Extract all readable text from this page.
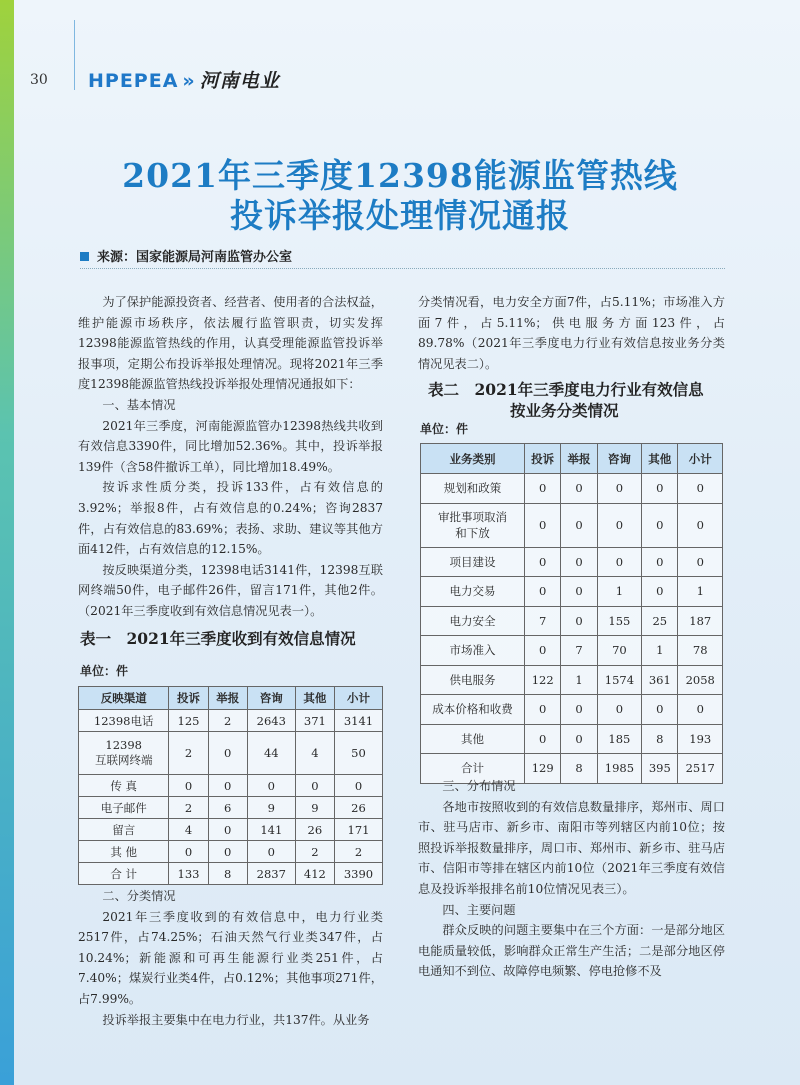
30 HPEPEA » 河南电业
2021年三季度12398能源监管热线
投诉举报处理情况通报
来源：国家能源局河南监管办公室

为了保护能源投资者、经营者、使用者的合法权益，维护能源市场秩序，依法履行监管职责，切实发挥12398能源监管热线的作用，认真受理能源监管投诉举报事项，定期公布投诉举报处理情况。现将2021年三季度12398能源监管热线投诉举报处理情况通报如下：

一、基本情况

2021年三季度，河南能源监管办12398热线共收到有效信息3390件，同比增加52.36%。其中，投诉举报139件（含58件撤诉工单），同比增加18.49%。

按诉求性质分类，投诉133件，占有效信息的3.92%；举报8件，占有效信息的0.24%；咨询2837件，占有效信息的83.69%；表扬、求助、建议等其他方面412件，占有效信息的12.15%。

按反映渠道分类，12398电话3141件，12398互联网终端50件，电子邮件26件，留言171件，其他2件。（2021年三季度收到有效信息情况见表一）。

表一　2021年三季度收到有效信息情况
单位：件
反映渠道	投诉	举报	咨询	其他	小计
12398电话	125	2	2643	371	3141
12398
互联网终端	2	0	44	4	50
传 真	0	0	0	0	0
电子邮件	2	6	9	9	26
留言	4	0	141	26	171
其 他	0	0	0	2	2
合 计	133	8	2837	412	3390

二、分类情况

2021年三季度收到的有效信息中，电力行业类2517件，占74.25%；石油天然气行业类347件，占10.24%；新能源和可再生能源行业类251件，占7.40%；煤炭行业类4件，占0.12%；其他事项271件，占7.99%。

投诉举报主要集中在电力行业，共137件。从业务

分类情况看，电力安全方面7件，占5.11%；市场准入方面7件，占5.11%；供电服务方面123件，占89.78%（2021年三季度电力行业有效信息按业务分类情况见表二）。

表二　2021年三季度电力行业有效信息
按业务分类情况
单位：件
业务类别	投诉	举报	咨询	其他	小计
规划和政策	0	0	0	0	0
审批事项取消
和下放	0	0	0	0	0
项目建设	0	0	0	0	0
电力交易	0	0	1	0	1
电力安全	7	0	155	25	187
市场准入	0	7	70	1	78
供电服务	122	1	1574	361	2058
成本价格和收费	0	0	0	0	0
其他	0	0	185	8	193
合计	129	8	1985	395	2517

三、分布情况

各地市按照收到的有效信息数量排序，郑州市、周口市、驻马店市、新乡市、南阳市等列辖区内前10位；按照投诉举报数量排序，周口市、郑州市、新乡市、驻马店市、信阳市等排在辖区内前10位（2021年三季度有效信息及投诉举报排名前10位情况见表三）。

四、主要问题

群众反映的问题主要集中在三个方面：一是部分地区电能质量较低，影响群众正常生产生活；二是部分地区停电通知不到位、故障停电频繁、停电抢修不及
